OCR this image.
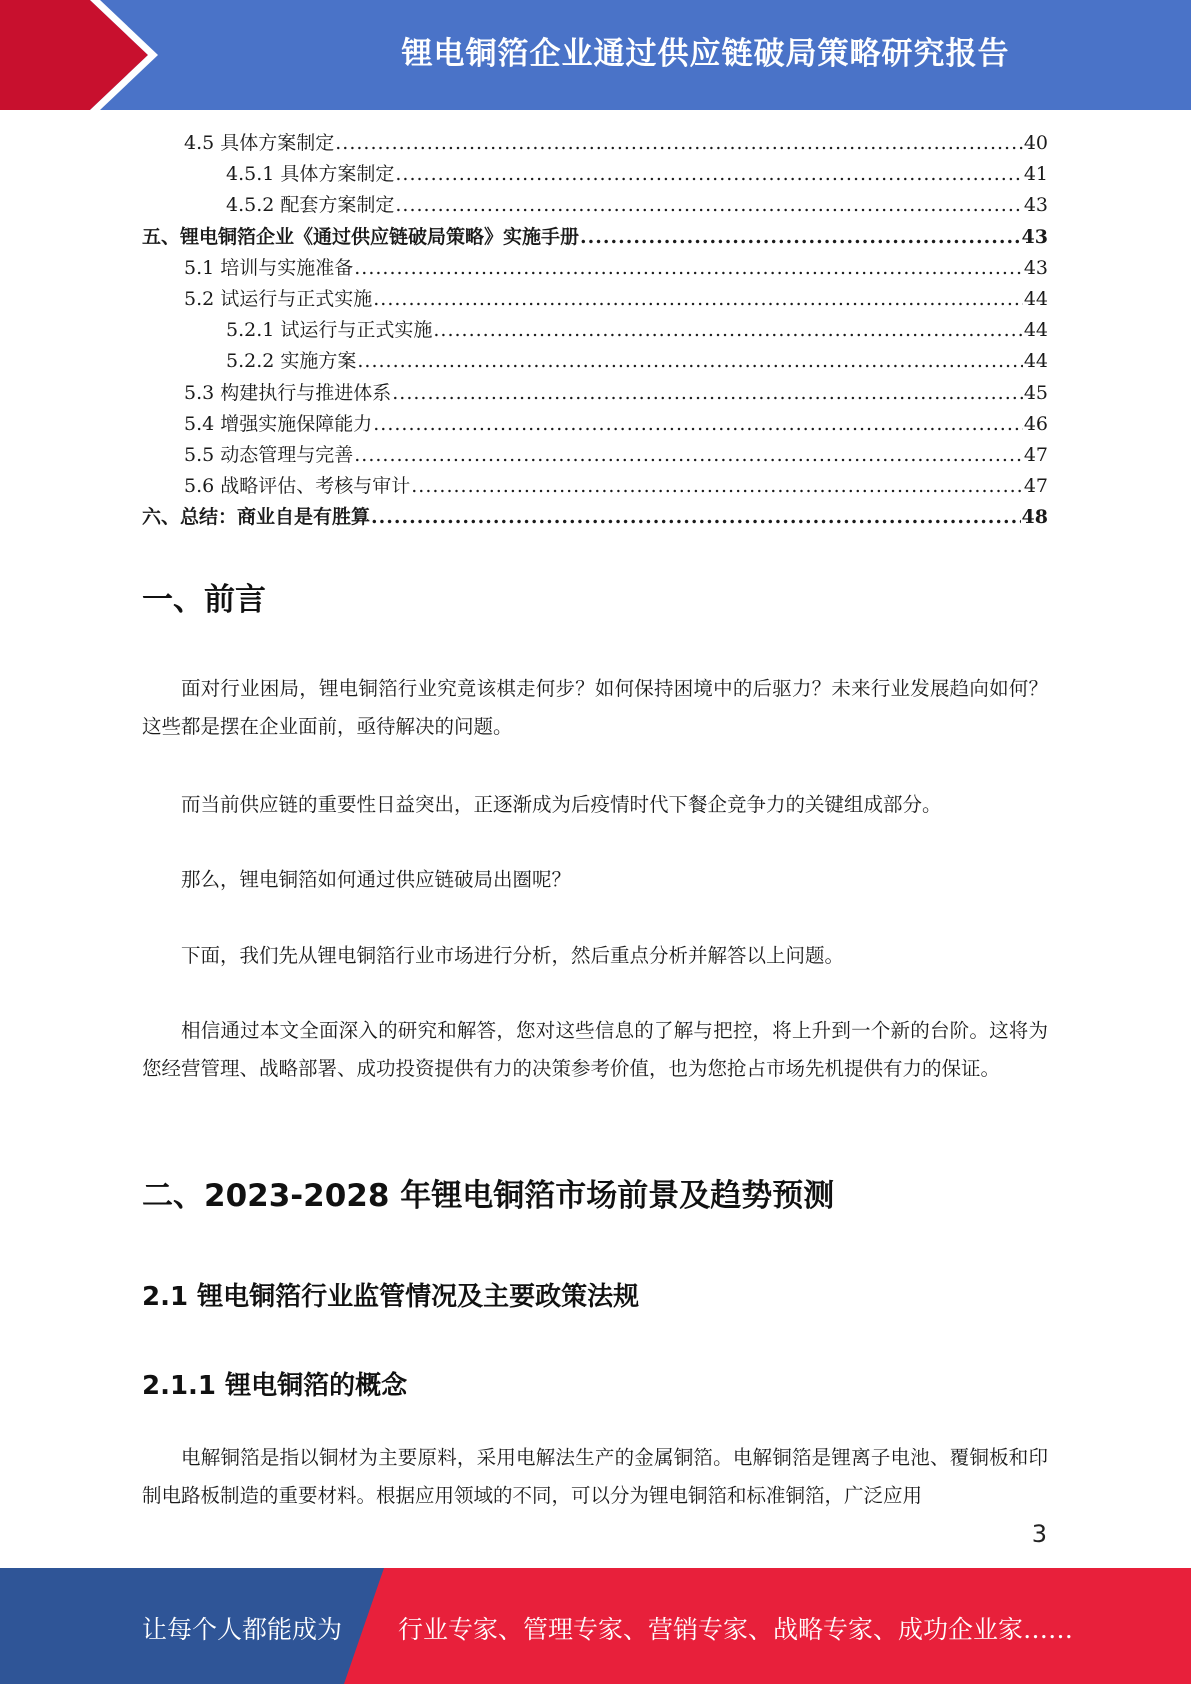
锂电铜箔企业通过供应链破局策略研究报告
4.5 具体方案制定 .....	40
4.5.1 具体方案制定 .....	41
4.5.2 配套方案制定 .....	43
五、锂电铜箔企业《通过供应链破局策略》实施手册 .....	43
5.1 培训与实施准备 .....	43
5.2 试运行与正式实施 .....	44
5.2.1 试运行与正式实施 .....	44
5.2.2 实施方案 .....	44
5.3 构建执行与推进体系 .....	45
5.4 增强实施保障能力 .....	46
5.5 动态管理与完善 .....	47
5.6 战略评估、考核与审计 .....	47
六、总结：商业自是有胜算 .....	48
一、前言
面对行业困局，锂电铜箔行业究竟该棋走何步？如何保持困境中的后驱力？未来行业发展趋向如何？这些都是摆在企业面前，亟待解决的问题。
而当前供应链的重要性日益突出，正逐渐成为后疫情时代下餐企竞争力的关键组成部分。
那么，锂电铜箔如何通过供应链破局出圈呢？
下面，我们先从锂电铜箔行业市场进行分析，然后重点分析并解答以上问题。
相信通过本文全面深入的研究和解答，您对这些信息的了解与把控，将上升到一个新的台阶。这将为您经营管理、战略部署、成功投资提供有力的决策参考价值，也为您抢占市场先机提供有力的保证。
二、2023-2028 年锂电铜箔市场前景及趋势预测
2.1 锂电铜箔行业监管情况及主要政策法规
2.1.1 锂电铜箔的概念
电解铜箔是指以铜材为主要原料，采用电解法生产的金属铜箔。电解铜箔是锂离子电池、覆铜板和印制电路板制造的重要材料。根据应用领域的不同，可以分为锂电铜箔和标准铜箔，广泛应用
3
让每个人都能成为 行业专家、管理专家、营销专家、战略专家、成功企业家……
